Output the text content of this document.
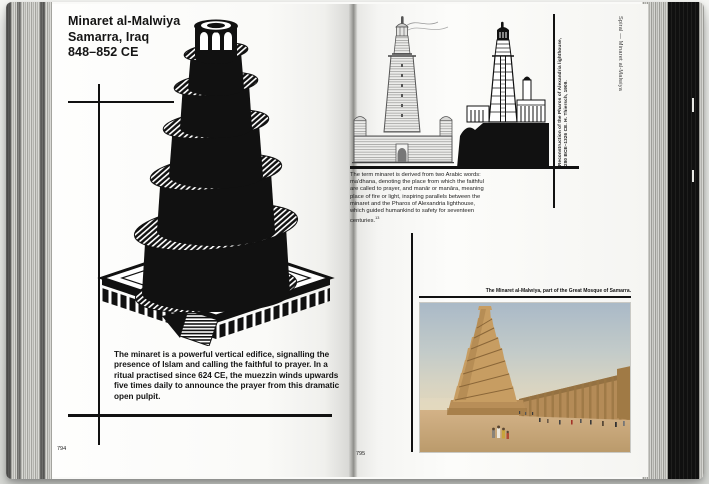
Minaret al-Malwiya
Samarra, Iraq
848–852 CE
The minaret is a powerful vertical edifice, signalling the presence of Islam and calling the faithful to prayer. In a ritual practised since 624 CE, the muezzin winds upwards five times daily to announce the prayer from this dramatic open pulpit.
794
Reconstruction of the Pharos of Alexandria lighthouse, 280 BCE–1326 CE. H. Thiersch, 1909.
The term minaret is derived from two Arabic words: ma'dhana, denoting the place from which the faithful are called to prayer, and manār or manāra, meaning place of fire or light, inspiring parallels between the minaret and the Pharos of Alexandria lighthouse, which guided humankind to safety for seventeen centuries.$^{13}$
The Minaret al-Malwiya, part of the Great Mosque of Samarra.
795
Spiral — Minaret al-Malwiya
